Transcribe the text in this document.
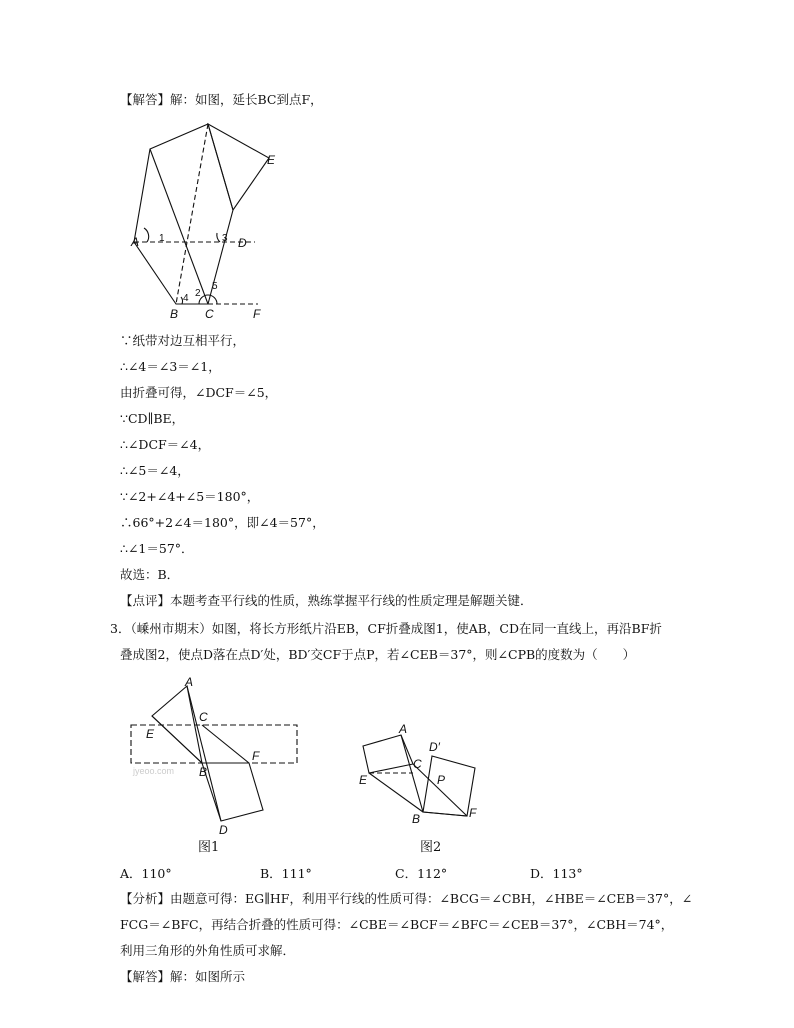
【解答】解：如图，延长BC到点F，
A	D
E
B C	F
1	3
4 2
5
∵纸带对边互相平行，
∴∠4＝∠3＝∠1，
由折叠可得，∠DCF＝∠5，
∵CD∥BE，
∴∠DCF＝∠4，
∴∠5＝∠4，
∵∠2+∠4+∠5＝180°，
∴66°+2∠4＝180°，即∠4＝57°，
∴∠1＝57°．
故选：B．
【点评】本题考查平行线的性质，熟练掌握平行线的性质定理是解题关键．
3．（嵊州市期末）如图，将长方形纸片沿EB，CF折叠成图1，使AB，CD在同一直线上，再沿BF折
叠成图2，使点D落在点D′处，BD′交CF于点P，若∠CEB＝37°，则∠CPB的度数为（　　）
jyeoo.com
A
C
E
F
B
D
图1
A
D′
C
P
E
B	F
图2
A．110°	B．111°	C．112°	D．113°
【分析】由题意可得：EG∥HF，利用平行线的性质可得：∠BCG＝∠CBH，∠HBE＝∠CEB＝37°，∠
FCG＝∠BFC，再结合折叠的性质可得：∠CBE＝∠BCF＝∠BFC＝∠CEB＝37°，∠CBH＝74°，
利用三角形的外角性质可求解．
【解答】解：如图所示
